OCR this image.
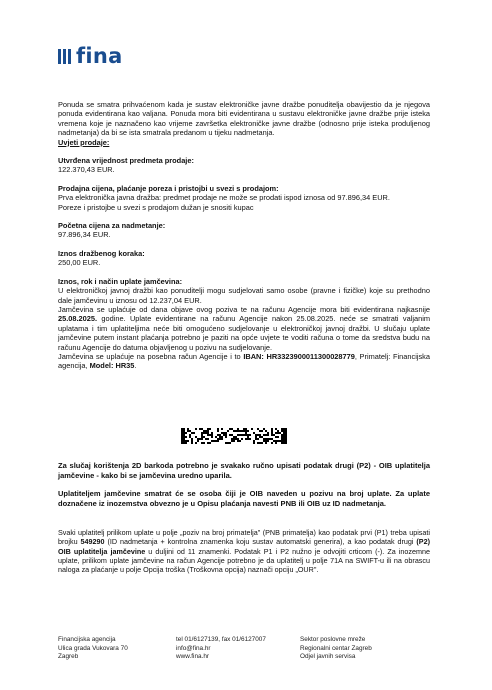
fina

Ponuda se smatra prihvaćenom kada je sustav elektroničke javne dražbe ponuditelja obavijestio da je njegova ponuda evidentirana kao valjana. Ponuda mora biti evidentirana u sustavu elektroničke javne dražbe prije isteka vremena koje je naznačeno kao vrijeme završetka elektroničke javne dražbe (odnosno prije isteka produljenog nadmetanja) da bi se ista smatrala predanom u tijeku nadmetanja.

Uvjeti prodaje:

Utvrđena vrijednost predmeta prodaje:

122.370,43 EUR.

Prodajna cijena, plaćanje poreza i pristojbi u svezi s prodajom:

Prva elektronička javna dražba: predmet prodaje ne može se prodati ispod iznosa od 97.896,34 EUR.

Poreze i pristojbe u svezi s prodajom dužan je snositi kupac

Početna cijena za nadmetanje:

97.896,34 EUR.

Iznos dražbenog koraka:

250,00 EUR.

Iznos, rok i način uplate jamčevina:

U elektroničkoj javnoj dražbi kao ponuditelji mogu sudjelovati samo osobe (pravne i fizičke) koje su prethodno dale jamčevinu u iznosu od 12.237,04 EUR.

Jamčevina se uplaćuje od dana objave ovog poziva te na računu Agencije mora biti evidentirana najkasnije 25.08.2025. godine. Uplate evidentirane na računu Agencije nakon 25.08.2025. neće se smatrati valjanim uplatama i tim uplatiteljima neće biti omogućeno sudjelovanje u elektroničkoj javnoj dražbi. U slučaju uplate jamčevine putem instant plaćanja potrebno je paziti na opće uvjete te voditi računa o tome da sredstva budu na računu Agencije do datuma objavljenog u pozivu na sudjelovanje.

Jamčevina se uplaćuje na posebna račun Agencije i to IBAN: HR3323900011300028779, Primatelj: Financijska agencija, Model: HR35.

Za slučaj korištenja 2D barkoda potrebno je svakako ručno upisati podatak drugi (P2) - OIB uplatitelja jamčevine - kako bi se jamčevina uredno uparila.

Uplatiteljem jamčevine smatrat će se osoba čiji je OIB naveden u pozivu na broj uplate. Za uplate doznačene iz inozemstva obvezno je u Opisu plaćanja navesti PNB ili OIB uz ID nadmetanja.

Svaki uplatitelj prilikom uplate u polje „poziv na broj primatelja" (PNB primatelja) kao podatak prvi (P1) treba upisati brojku 549290 (ID nadmetanja + kontrolna znamenka koju sustav automatski generira), a kao podatak drugi (P2) OIB uplatitelja jamčevine u duljini od 11 znamenki. Podatak P1 i P2 nužno je odvojiti crticom (-). Za inozemne uplate, prilikom uplate jamčevine na račun Agencije potrebno je da uplatitelj u polje 71A na SWIFT-u ili na obrascu naloga za plaćanje u polje Opcija troška (Troškovna opcija) naznači opciju „OUR".
Financijska agencija
Ulica grada Vukovara 70
Zagreb
tel 01/6127139, fax 01/6127007
info@fina.hr
www.fina.hr
Sektor poslovne mreže
Regionalni centar Zagreb
Odjel javnih servisa
